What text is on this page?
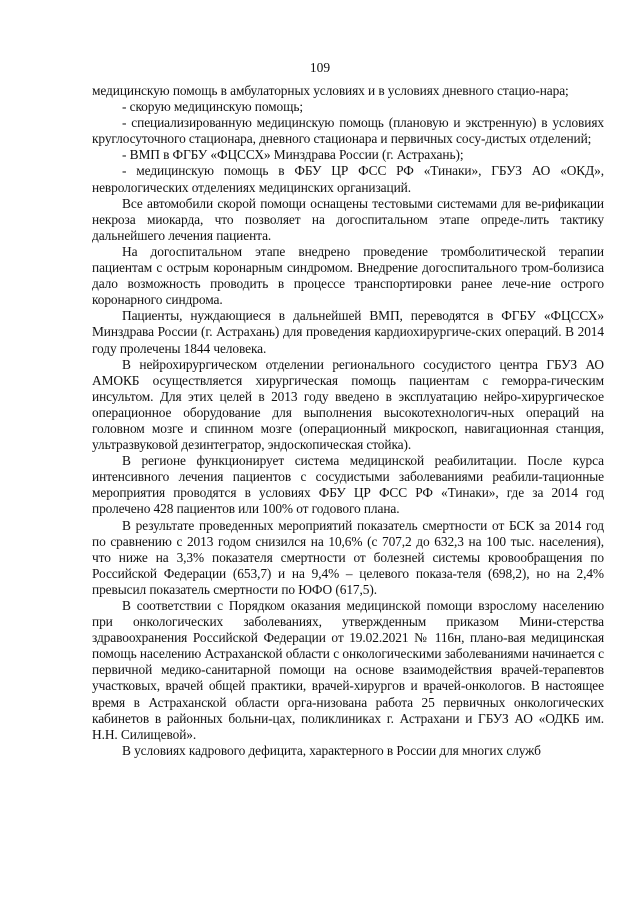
109

медицинскую помощь в амбулаторных условиях и в условиях дневного стацио-нара;

- скорую медицинскую помощь;

- специализированную медицинскую помощь (плановую и экстренную) в условиях круглосуточного стационара, дневного стационара и первичных сосу-дистых отделений;

- ВМП в ФГБУ «ФЦССХ» Минздрава России (г. Астрахань);

- медицинскую помощь в ФБУ ЦР ФСС РФ «Тинаки», ГБУЗ АО «ОКД», неврологических отделениях медицинских организаций.

Все автомобили скорой помощи оснащены тестовыми системами для ве-рификации некроза миокарда, что позволяет на догоспитальном этапе опреде-лить тактику дальнейшего лечения пациента.

На догоспитальном этапе внедрено проведение тромболитической терапии пациентам с острым коронарным синдромом. Внедрение догоспитального тром-болизиса дало возможность проводить в процессе транспортировки ранее лече-ние острого коронарного синдрома.

Пациенты, нуждающиеся в дальнейшей ВМП, переводятся в ФГБУ «ФЦССХ» Минздрава России (г. Астрахань) для проведения кардиохирургиче-ских операций. В 2014 году пролечены 1844 человека.

В нейрохирургическом отделении регионального сосудистого центра ГБУЗ АО АМОКБ осуществляется хирургическая помощь пациентам с геморра-гическим инсультом. Для этих целей в 2013 году введено в эксплуатацию нейро-хирургическое операционное оборудование для выполнения высокотехнологич-ных операций на головном мозге и спинном мозге (операционный микроскоп, навигационная станция, ультразвуковой дезинтегратор, эндоскопическая стойка).

В регионе функционирует система медицинской реабилитации. После курса интенсивного лечения пациентов с сосудистыми заболеваниями реабили-тационные мероприятия проводятся в условиях ФБУ ЦР ФСС РФ «Тинаки», где за 2014 год пролечено 428 пациентов или 100% от годового плана.

В результате проведенных мероприятий показатель смертности от БСК за 2014 год по сравнению с 2013 годом снизился на 10,6% (с 707,2 до 632,3 на 100 тыс. населения), что ниже на 3,3% показателя смертности от болезней системы кровообращения по Российской Федерации (653,7) и на 9,4% – целевого показа-теля (698,2), но на 2,4% превысил показатель смертности по ЮФО (617,5).

В соответствии с Порядком оказания медицинской помощи взрослому населению при онкологических заболеваниях, утвержденным приказом Мини-стерства здравоохранения Российской Федерации от 19.02.2021 № 116н, плано-вая медицинская помощь населению Астраханской области с онкологическими заболеваниями начинается с первичной медико-санитарной помощи на основе взаимодействия врачей-терапевтов участковых, врачей общей практики, врачей-хирургов и врачей-онкологов. В настоящее время в Астраханской области орга-низована работа 25 первичных онкологических кабинетов в районных больни-цах, поликлиниках г. Астрахани и ГБУЗ АО «ОДКБ им. Н.Н. Силищевой».

В условиях кадрового дефицита, характерного в России для многих служб
